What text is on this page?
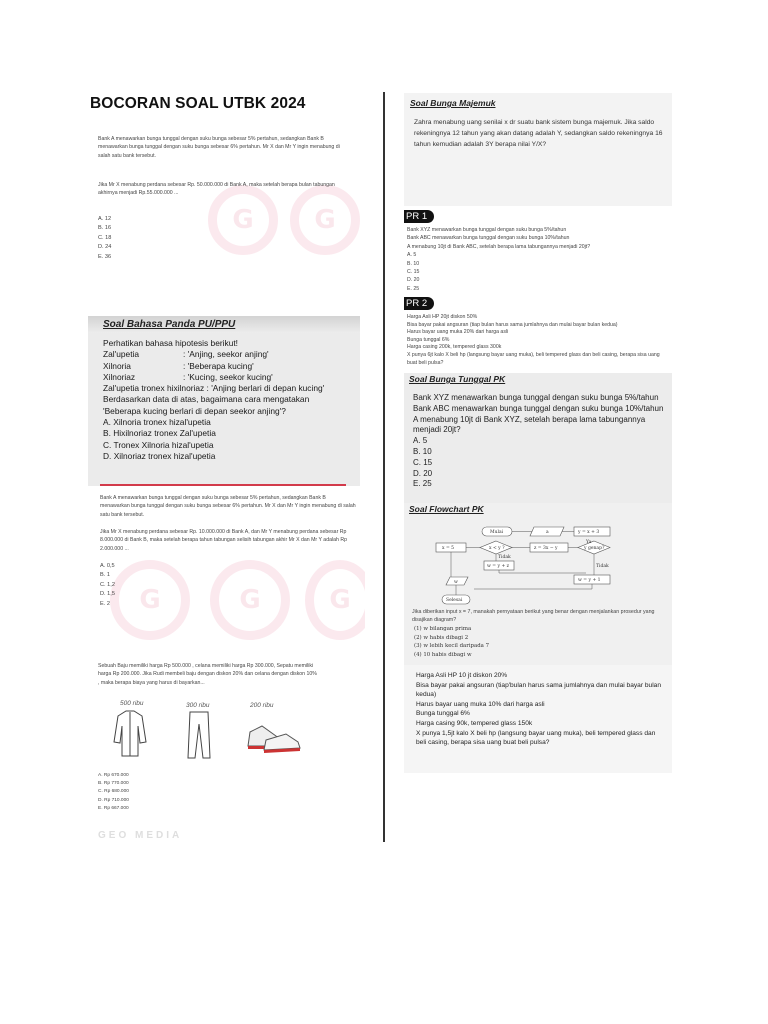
BOCORAN SOAL UTBK 2024
G
G
Bank A menawarkan bunga tunggal dengan suku bunga sebesar 5% pertahun, sedangkan Bank B menawarkan bunga tunggal dengan suku bunga sebesar 6% pertahun. Mr X dan Mr Y ingin menabung di salah satu bank tersebut.
Jika Mr X menabung perdana sebesar Rp. 50.000.000 di Bank A, maka setelah berapa bulan tabungan akhirnya menjadi Rp.55.000.000 ...
A. 12
B. 16
C. 18
D. 24
E. 36
Soal Bahasa Panda PU/PPU
Perhatikan bahasa hipotesis berikut!
Zal'upetia	: 'Anjing, seekor anjing'
Xilnoria	: 'Beberapa kucing'
Xilnoriaz	: 'Kucing, seekor kucing'
Zal'upetia tronex hixilnoriaz : 'Anjing berlari di depan kucing'
Berdasarkan data di atas, bagaimana cara mengatakan
'Beberapa kucing berlari di depan seekor anjing'?
A. Xilnoria tronex hizal'upetia
B. Hixilnoriaz tronex Zal'upetia
C. Tronex Xilnoria hizal'upetia
D. Xilnoriaz tronex hizal'upetia
G
G
G
Bank A menawarkan bunga tunggal dengan suku bunga sebesar 5% pertahun, sedangkan Bank B menawarkan bunga tunggal dengan suku bunga sebesar 6% pertahun. Mr X dan Mr Y ingin menabung di salah satu bank tersebut.
Jika Mr X menabung perdana sebesar Rp. 10.000.000 di Bank A, dan Mr Y menabung perdana sebesar Rp 8.000.000 di Bank B, maka setelah berapa tahun tabungan selisih tabungan akhir Mr X dan Mr Y adalah Rp 2.000.000 ...
A. 0,5
B. 1
C. 1,2
D. 1,5
E. 2
Sebuah Baju memiliki harga Rp 500.000 , celana memiliki harga Rp 300.000, Sepatu memiliki harga Rp 200.000. Jika Rudi membeli baju dengan diskon 20% dan celana dengan diskon 10% , maka berapa biaya yang harus di bayarkan...
500 ribu	300 ribu	200 ribu
A. Rp 670.000
B. Rp 770.000
C. Rp 680.000
D. Rp 710.000
E. Rp 667.000
GEO MEDIA
Soal Bunga Majemuk
Zahra menabung uang senilai x dr suatu bank sistem bunga majemuk. Jika saldo rekeningnya 12 tahun yang akan datang adalah Y, sedangkan saldo rekeningnya 16 tahun kemudian adalah 3Y berapa nilai Y/X?
PR 1
Bank XYZ menawarkan bunga tunggal dengan suku bunga 5%/tahun
Bank ABC menawarkan bunga tunggal dengan suku bunga 10%/tahun
A menabung 10jt di Bank ABC, setelah berapa lama tabungannya menjadi 20jt?
A. 5
B. 10
C. 15
D. 20
E. 25
PR 2
Harga Asli HP 20jt diskon 50%
Bisa bayar pakai angsuran (tiap bulan harus sama jumlahnya dan mulai bayar bulan kedua)
Harus bayar uang muka 20% dari harga asli
Bunga tunggal 6%
Harga casing 200k, tempered glass 300k
X punya 6jt kalo X beli hp (langsung bayar uang muka), beli tempered glass dan beli casing, berapa sisa uang buat beli pulsa?
Soal Bunga Tunggal PK
Bank XYZ menawarkan bunga tunggal dengan suku bunga 5%/tahun
Bank ABC menawarkan bunga tunggal dengan suku bunga 10%/tahun
A menabung 10jt di Bank XYZ, setelah berapa lama tabungannya
menjadi 20jt?
A. 5
B. 10
C. 15
D. 20
E. 25
Soal Flowchart PK
Mulai	a	y = x + 3
x = 5	x < y ?	z = 3x − y	y genap?
Tidak
w = y + z
Ya
Tidak
w	w = y + 1
Selesai
Jika diberikan input x = 7, manakah pernyataan berikut yang benar dengan menjalankan prosedur yang disajikan diagram?
(1) w bilangan prima
(2) w habis dibagi 2
(3) w lebih kecil daripada 7
(4) 10 habis dibagi w
Harga Asli HP 10 jt diskon 20%
Bisa bayar pakai angsuran (tiap'bulan harus sama jumlahnya dan mulai bayar bulan kedua)
Harus bayar uang muka 10% dari harga asli
Bunga tunggal 6%
Harga casing 90k, tempered glass 150k
X punya 1,5jt kalo X beli hp (langsung bayar uang muka), beli tempered glass dan beli casing, berapa sisa uang buat beli pulsa?
